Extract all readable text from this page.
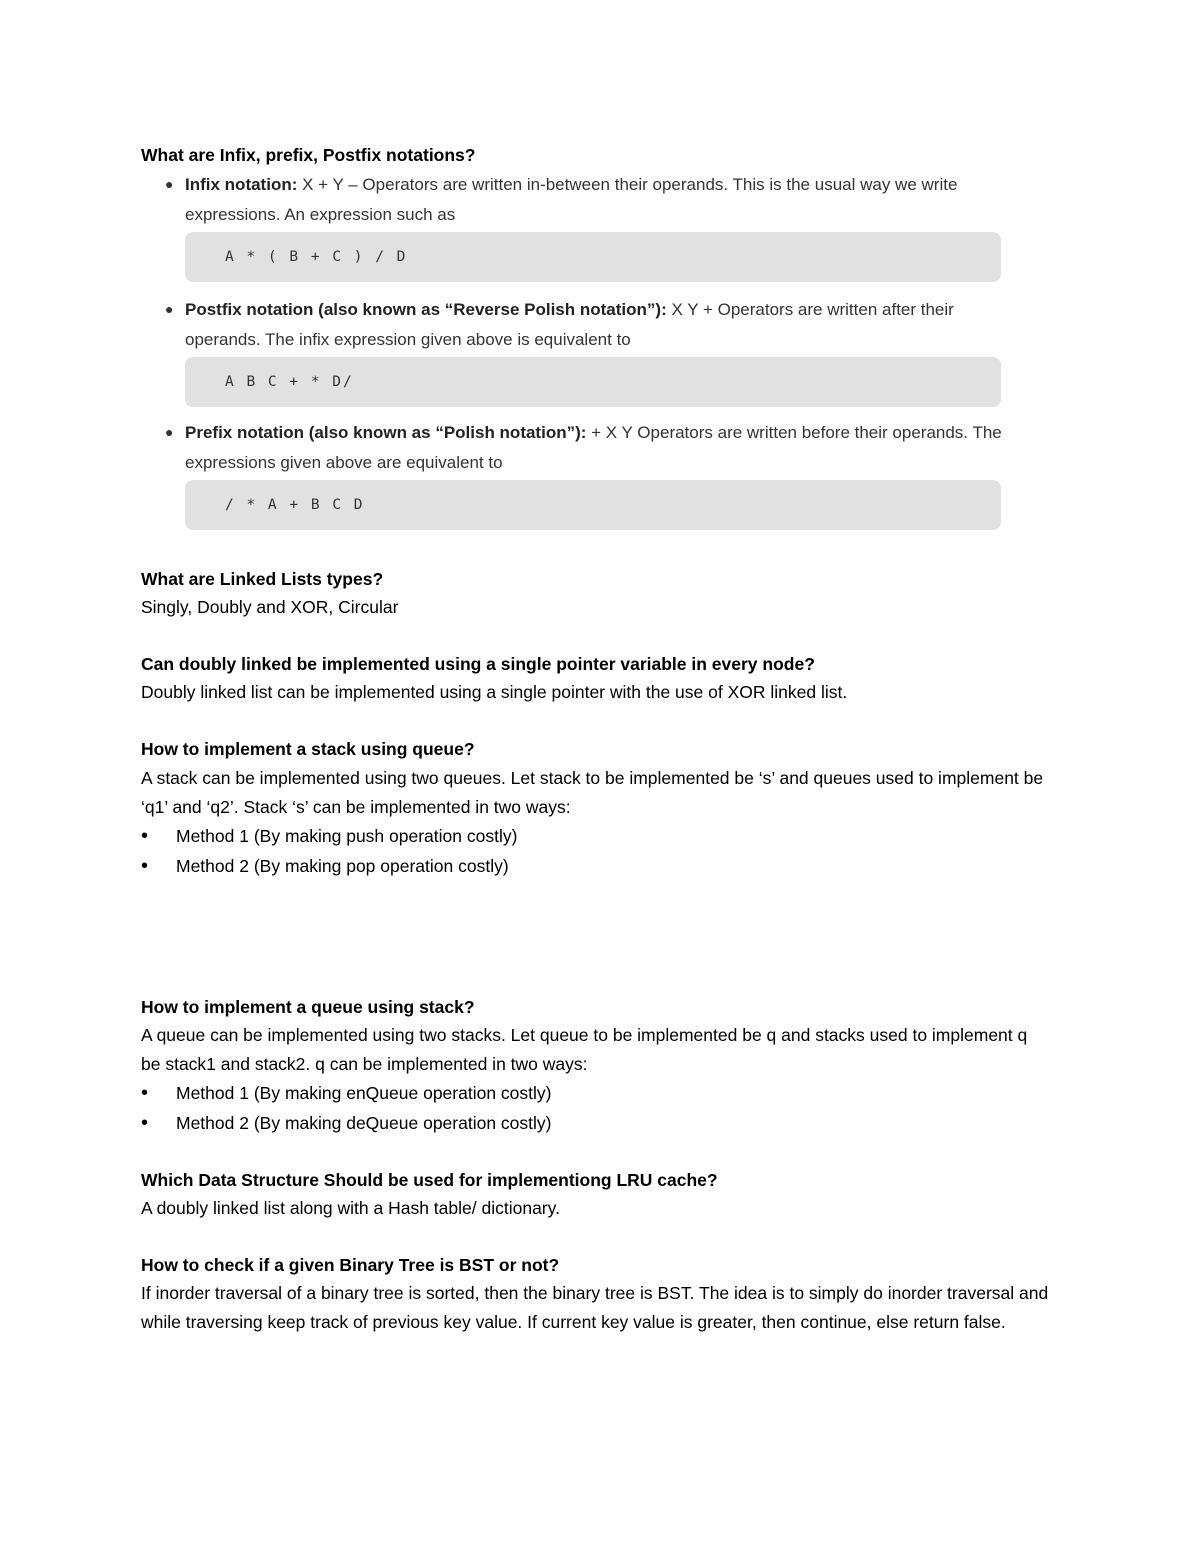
What are Infix, prefix, Postfix notations?
● Infix notation: X + Y – Operators are written in-between their operands. This is the usual way we write expressions. An expression such as
A * ( B + C ) / D
● Postfix notation (also known as “Reverse Polish notation”): X Y + Operators are written after their operands. The infix expression given above is equivalent to
A B C + * D/
● Prefix notation (also known as “Polish notation”): + X Y Operators are written before their operands. The expressions given above are equivalent to
/ * A + B C D
What are Linked Lists types?
Singly, Doubly and XOR, Circular
Can doubly linked be implemented using a single pointer variable in every node?
Doubly linked list can be implemented using a single pointer with the use of XOR linked list.
How to implement a stack using queue?
A stack can be implemented using two queues. Let stack to be implemented be ‘s’ and queues used to implement be ‘q1’ and ‘q2’. Stack ‘s’ can be implemented in two ways:
•Method 1 (By making push operation costly)
•Method 2 (By making pop operation costly)
How to implement a queue using stack?
A queue can be implemented using two stacks. Let queue to be implemented be q and stacks used to implement q be stack1 and stack2. q can be implemented in two ways:
•Method 1 (By making enQueue operation costly)
•Method 2 (By making deQueue operation costly)
Which Data Structure Should be used for implementiong LRU cache?
A doubly linked list along with a Hash table/ dictionary.
How to check if a given Binary Tree is BST or not?
If inorder traversal of a binary tree is sorted, then the binary tree is BST. The idea is to simply do inorder traversal and while traversing keep track of previous key value. If current key value is greater, then continue, else return false.
